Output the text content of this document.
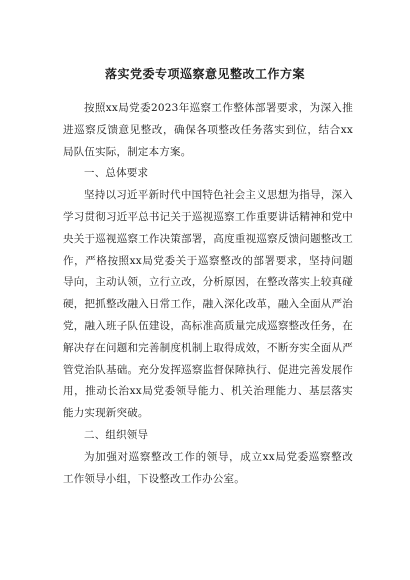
落实党委专项巡察意见整改工作方案

按照xx局党委2023年巡察工作整体部署要求，为深入推进巡察反馈意见整改，确保各项整改任务落实到位，结合xx局队伍实际，制定本方案。

一、总体要求

坚持以习近平新时代中国特色社会主义思想为指导，深入学习贯彻习近平总书记关于巡视巡察工作重要讲话精神和党中央关于巡视巡察工作决策部署，高度重视巡察反馈问题整改工作，严格按照xx局党委关于巡察整改的部署要求，坚持问题导向，主动认领，立行立改，分析原因，在整改落实上较真碰硬，把抓整改融入日常工作，融入深化改革，融入全面从严治党，融入班子队伍建设，高标准高质量完成巡察整改任务，在解决存在问题和完善制度机制上取得成效，不断夯实全面从严管党治队基础。充分发挥巡察监督保障执行、促进完善发展作用，推动长治xx局党委领导能力、机关治理能力、基层落实能力实现新突破。

二、组织领导

为加强对巡察整改工作的领导，成立xx局党委巡察整改工作领导小组，下设整改工作办公室。
